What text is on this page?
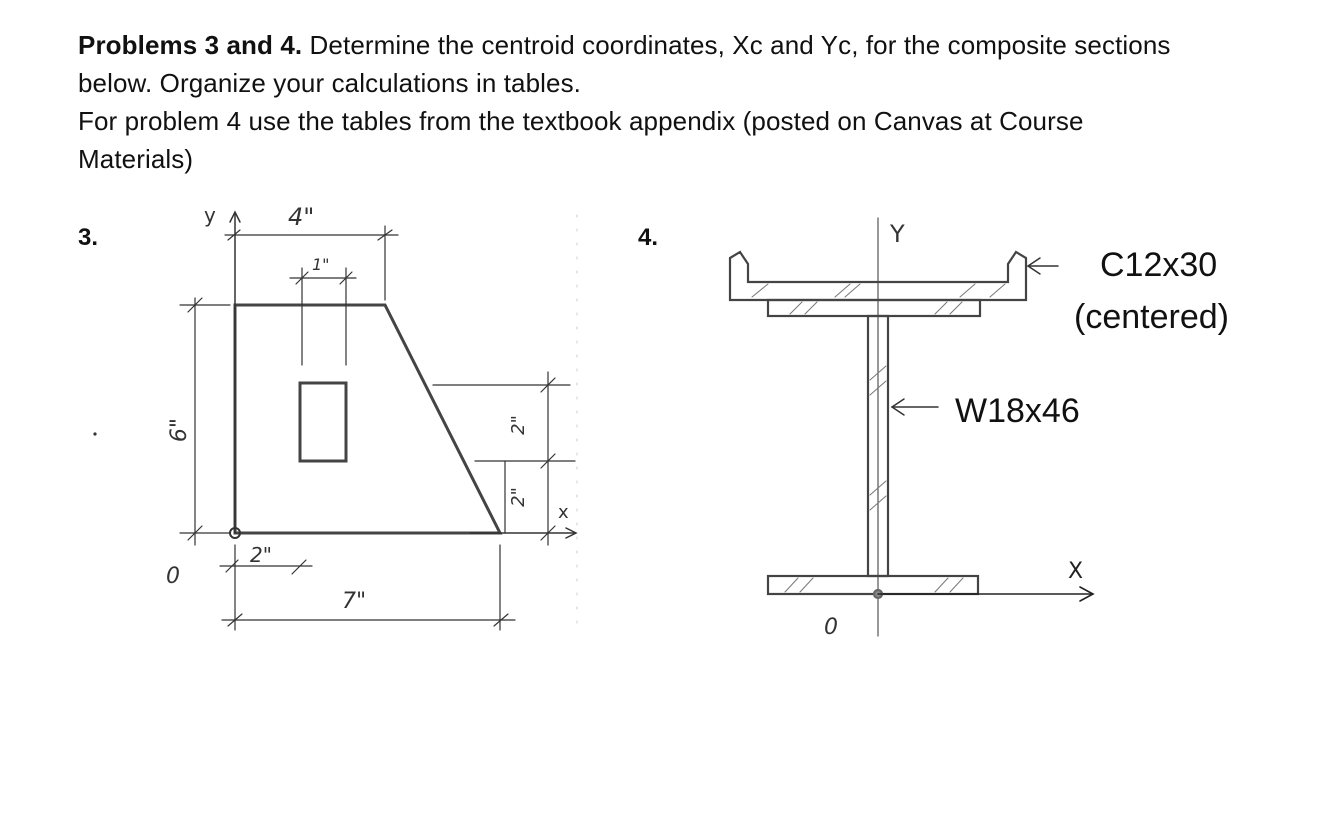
Problems 3 and 4. Determine the centroid coordinates, Xc and Yc, for the composite sections
below. Organize your calculations in tables.
For problem 4 use the tables from the textbook appendix (posted on Canvas at Course
Materials)
3.	4.
y
x
0
4"
1"
6"
2"
7"
2"
2"
Y
X
0
C12x30
(centered)
W18x46
